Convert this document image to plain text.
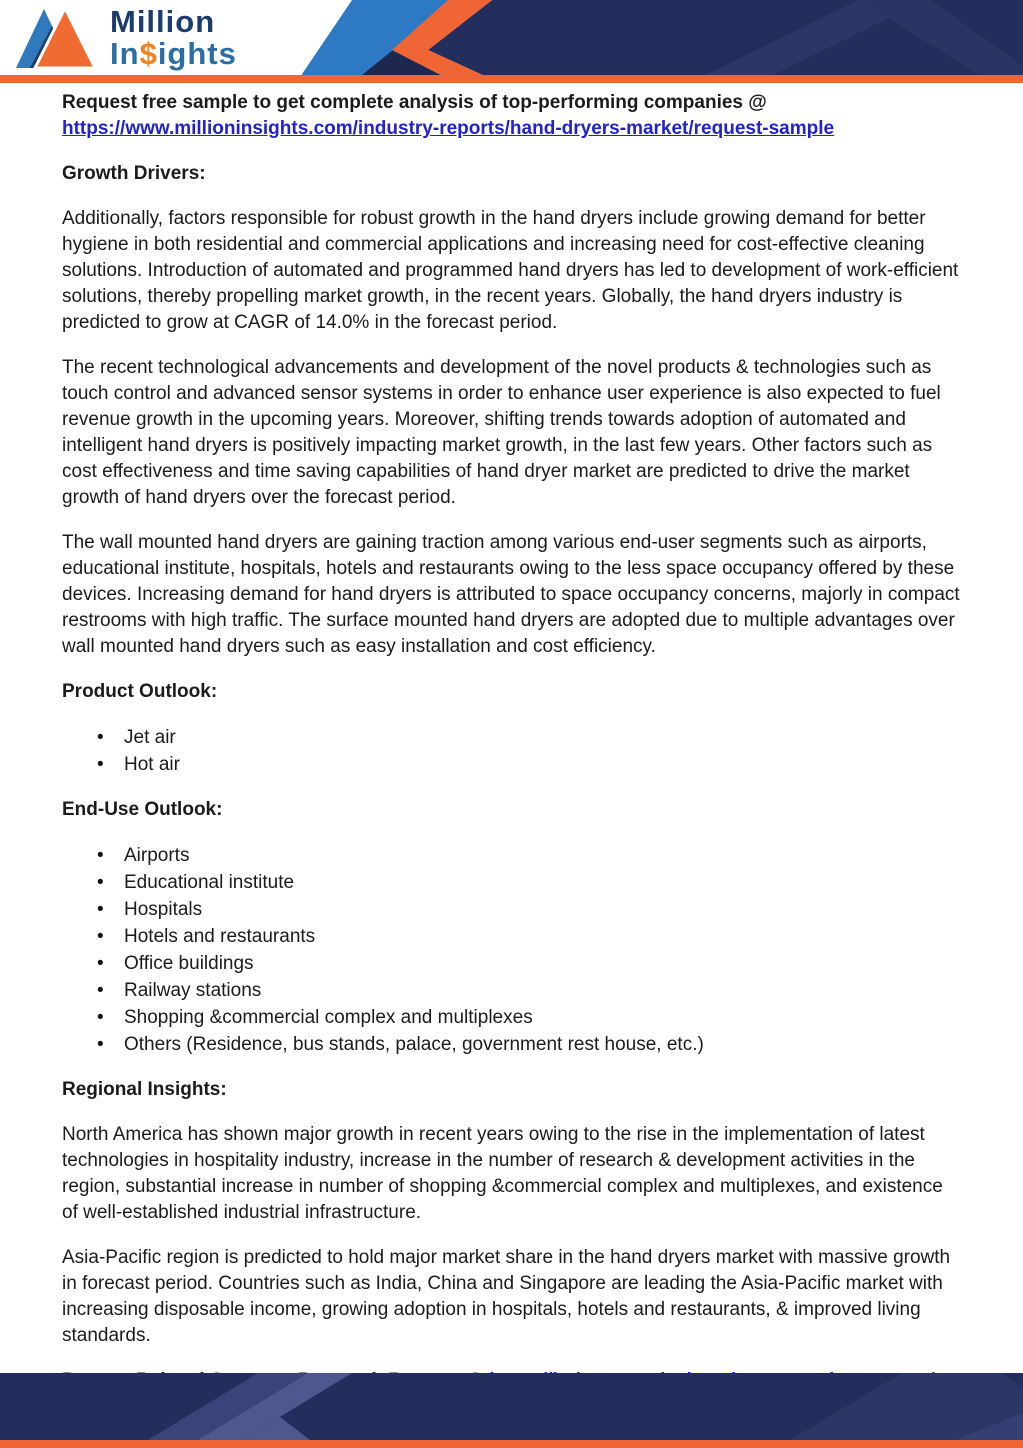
Million
In$ights

Request free sample to get complete analysis of top-performing companies @
https://www.millioninsights.com/industry-reports/hand-dryers-market/request-sample

Growth Drivers:

Additionally, factors responsible for robust growth in the hand dryers include growing demand for better hygiene in both residential and commercial applications and increasing need for cost-effective cleaning solutions. Introduction of automated and programmed hand dryers has led to development of work-efficient solutions, thereby propelling market growth, in the recent years. Globally, the hand dryers industry is predicted to grow at CAGR of 14.0% in the forecast period.

The recent technological advancements and development of the novel products & technologies such as touch control and advanced sensor systems in order to enhance user experience is also expected to fuel revenue growth in the upcoming years. Moreover, shifting trends towards adoption of automated and intelligent hand dryers is positively impacting market growth, in the last few years. Other factors such as cost effectiveness and time saving capabilities of hand dryer market are predicted to drive the market growth of hand dryers over the forecast period.

The wall mounted hand dryers are gaining traction among various end-user segments such as airports, educational institute, hospitals, hotels and restaurants owing to the less space occupancy offered by these devices. Increasing demand for hand dryers is attributed to space occupancy concerns, majorly in compact restrooms with high traffic. The surface mounted hand dryers are adopted due to multiple advantages over wall mounted hand dryers such as easy installation and cost efficiency.

Product Outlook:

• Jet air
• Hot air

End-Use Outlook:

• Airports
• Educational institute
• Hospitals
• Hotels and restaurants
• Office buildings
• Railway stations
• Shopping &commercial complex and multiplexes
• Others (Residence, bus stands, palace, government rest house, etc.)

Regional Insights:

North America has shown major growth in recent years owing to the rise in the implementation of latest technologies in hospitality industry, increase in the number of research & development activities in the region, substantial increase in number of shopping &commercial complex and multiplexes, and existence of well-established industrial infrastructure.

Asia-Pacific region is predicted to hold major market share in the hand dryers market with massive growth in forecast period. Countries such as India, China and Singapore are leading the Asia-Pacific market with increasing disposable income, growing adoption in hospitals, hotels and restaurants, & improved living standards.
